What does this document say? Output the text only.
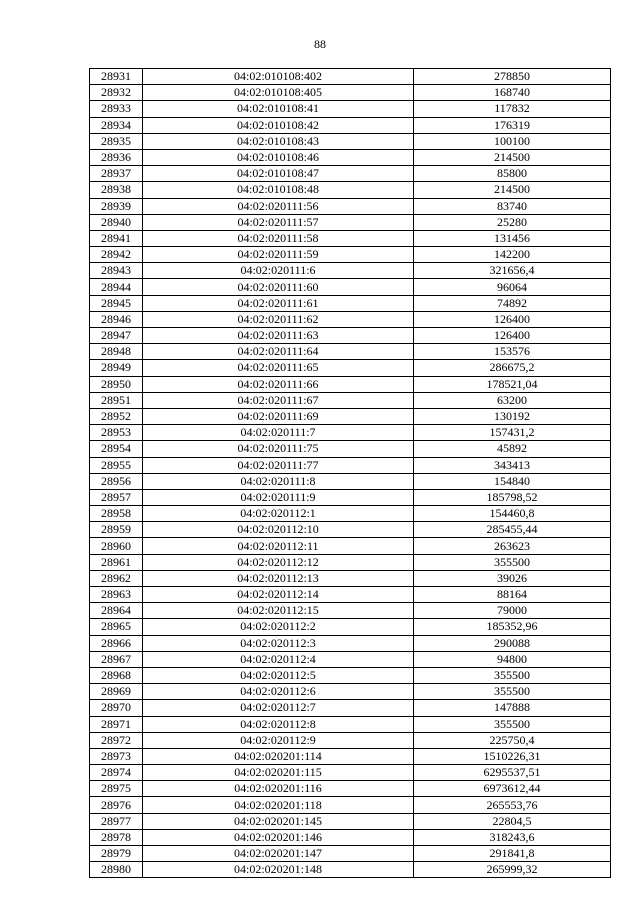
88
28931	04:02:010108:402	278850
28932	04:02:010108:405	168740
28933	04:02:010108:41	117832
28934	04:02:010108:42	176319
28935	04:02:010108:43	100100
28936	04:02:010108:46	214500
28937	04:02:010108:47	85800
28938	04:02:010108:48	214500
28939	04:02:020111:56	83740
28940	04:02:020111:57	25280
28941	04:02:020111:58	131456
28942	04:02:020111:59	142200
28943	04:02:020111:6	321656,4
28944	04:02:020111:60	96064
28945	04:02:020111:61	74892
28946	04:02:020111:62	126400
28947	04:02:020111:63	126400
28948	04:02:020111:64	153576
28949	04:02:020111:65	286675,2
28950	04:02:020111:66	178521,04
28951	04:02:020111:67	63200
28952	04:02:020111:69	130192
28953	04:02:020111:7	157431,2
28954	04:02:020111:75	45892
28955	04:02:020111:77	343413
28956	04:02:020111:8	154840
28957	04:02:020111:9	185798,52
28958	04:02:020112:1	154460,8
28959	04:02:020112:10	285455,44
28960	04:02:020112:11	263623
28961	04:02:020112:12	355500
28962	04:02:020112:13	39026
28963	04:02:020112:14	88164
28964	04:02:020112:15	79000
28965	04:02:020112:2	185352,96
28966	04:02:020112:3	290088
28967	04:02:020112:4	94800
28968	04:02:020112:5	355500
28969	04:02:020112:6	355500
28970	04:02:020112:7	147888
28971	04:02:020112:8	355500
28972	04:02:020112:9	225750,4
28973	04:02:020201:114	1510226,31
28974	04:02:020201:115	6295537,51
28975	04:02:020201:116	6973612,44
28976	04:02:020201:118	265553,76
28977	04:02:020201:145	22804,5
28978	04:02:020201:146	318243,6
28979	04:02:020201:147	291841,8
28980	04:02:020201:148	265999,32
